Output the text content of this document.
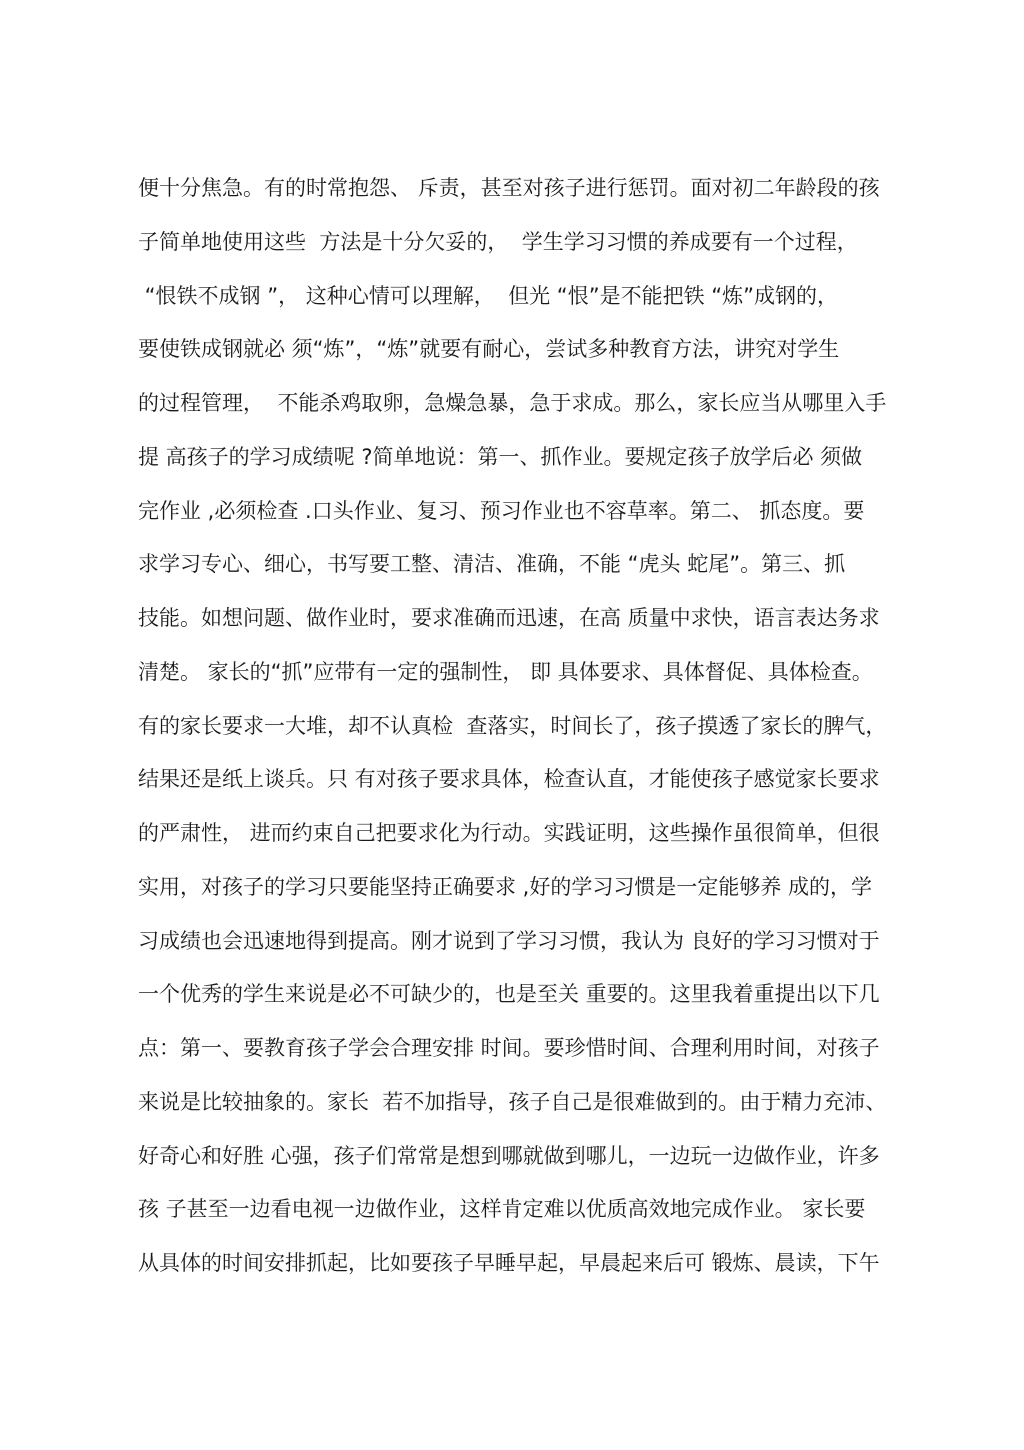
便十分焦急。有的时常抱怨、 斥责，甚至对孩子进行惩罚。面对初二年龄段的孩
子简单地使用这些  方法是十分欠妥的，  学生学习习惯的养成要有一个过程，
“恨铁不成钢 ”， 这种心情可以理解，  但光 “恨”是不能把铁 “炼”成钢的，
要使铁成钢就必 须“炼”，“炼”就要有耐心，尝试多种教育方法，讲究对学生
的过程管理，  不能杀鸡取卵，急燥急暴，急于求成。那么，家长应当从哪里入手
提 高孩子的学习成绩呢 ?简单地说：第一、抓作业。要规定孩子放学后必 须做
完作业 ,必须检查 .口头作业、复习、预习作业也不容草率。第二、 抓态度。要
求学习专心、细心，书写要工整、清洁、准确，不能 “虎头 蛇尾”。第三、抓
技能。如想问题、做作业时，要求准确而迅速，在高 质量中求快，语言表达务求
清楚。 家长的“抓”应带有一定的强制性， 即 具体要求、具体督促、具体检查。
有的家长要求一大堆，却不认真检  查落实，时间长了，孩子摸透了家长的脾气，
结果还是纸上谈兵。只 有对孩子要求具体，检查认直，才能使孩子感觉家长要求
的严肃性， 进而约束自己把要求化为行动。实践证明，这些操作虽很简单，但很
实用，对孩子的学习只要能坚持正确要求 ,好的学习习惯是一定能够养 成的，学
习成绩也会迅速地得到提高。刚才说到了学习习惯，我认为 良好的学习习惯对于
一个优秀的学生来说是必不可缺少的，也是至关 重要的。这里我着重提出以下几
点：第一、要教育孩子学会合理安排 时间。要珍惜时间、合理利用时间，对孩子
来说是比较抽象的。家长  若不加指导，孩子自己是很难做到的。由于精力充沛、
好奇心和好胜 心强，孩子们常常是想到哪就做到哪儿，一边玩一边做作业，许多
孩 子甚至一边看电视一边做作业，这样肯定难以优质高效地完成作业。 家长要
从具体的时间安排抓起，比如要孩子早睡早起，早晨起来后可 锻炼、晨读，下午
